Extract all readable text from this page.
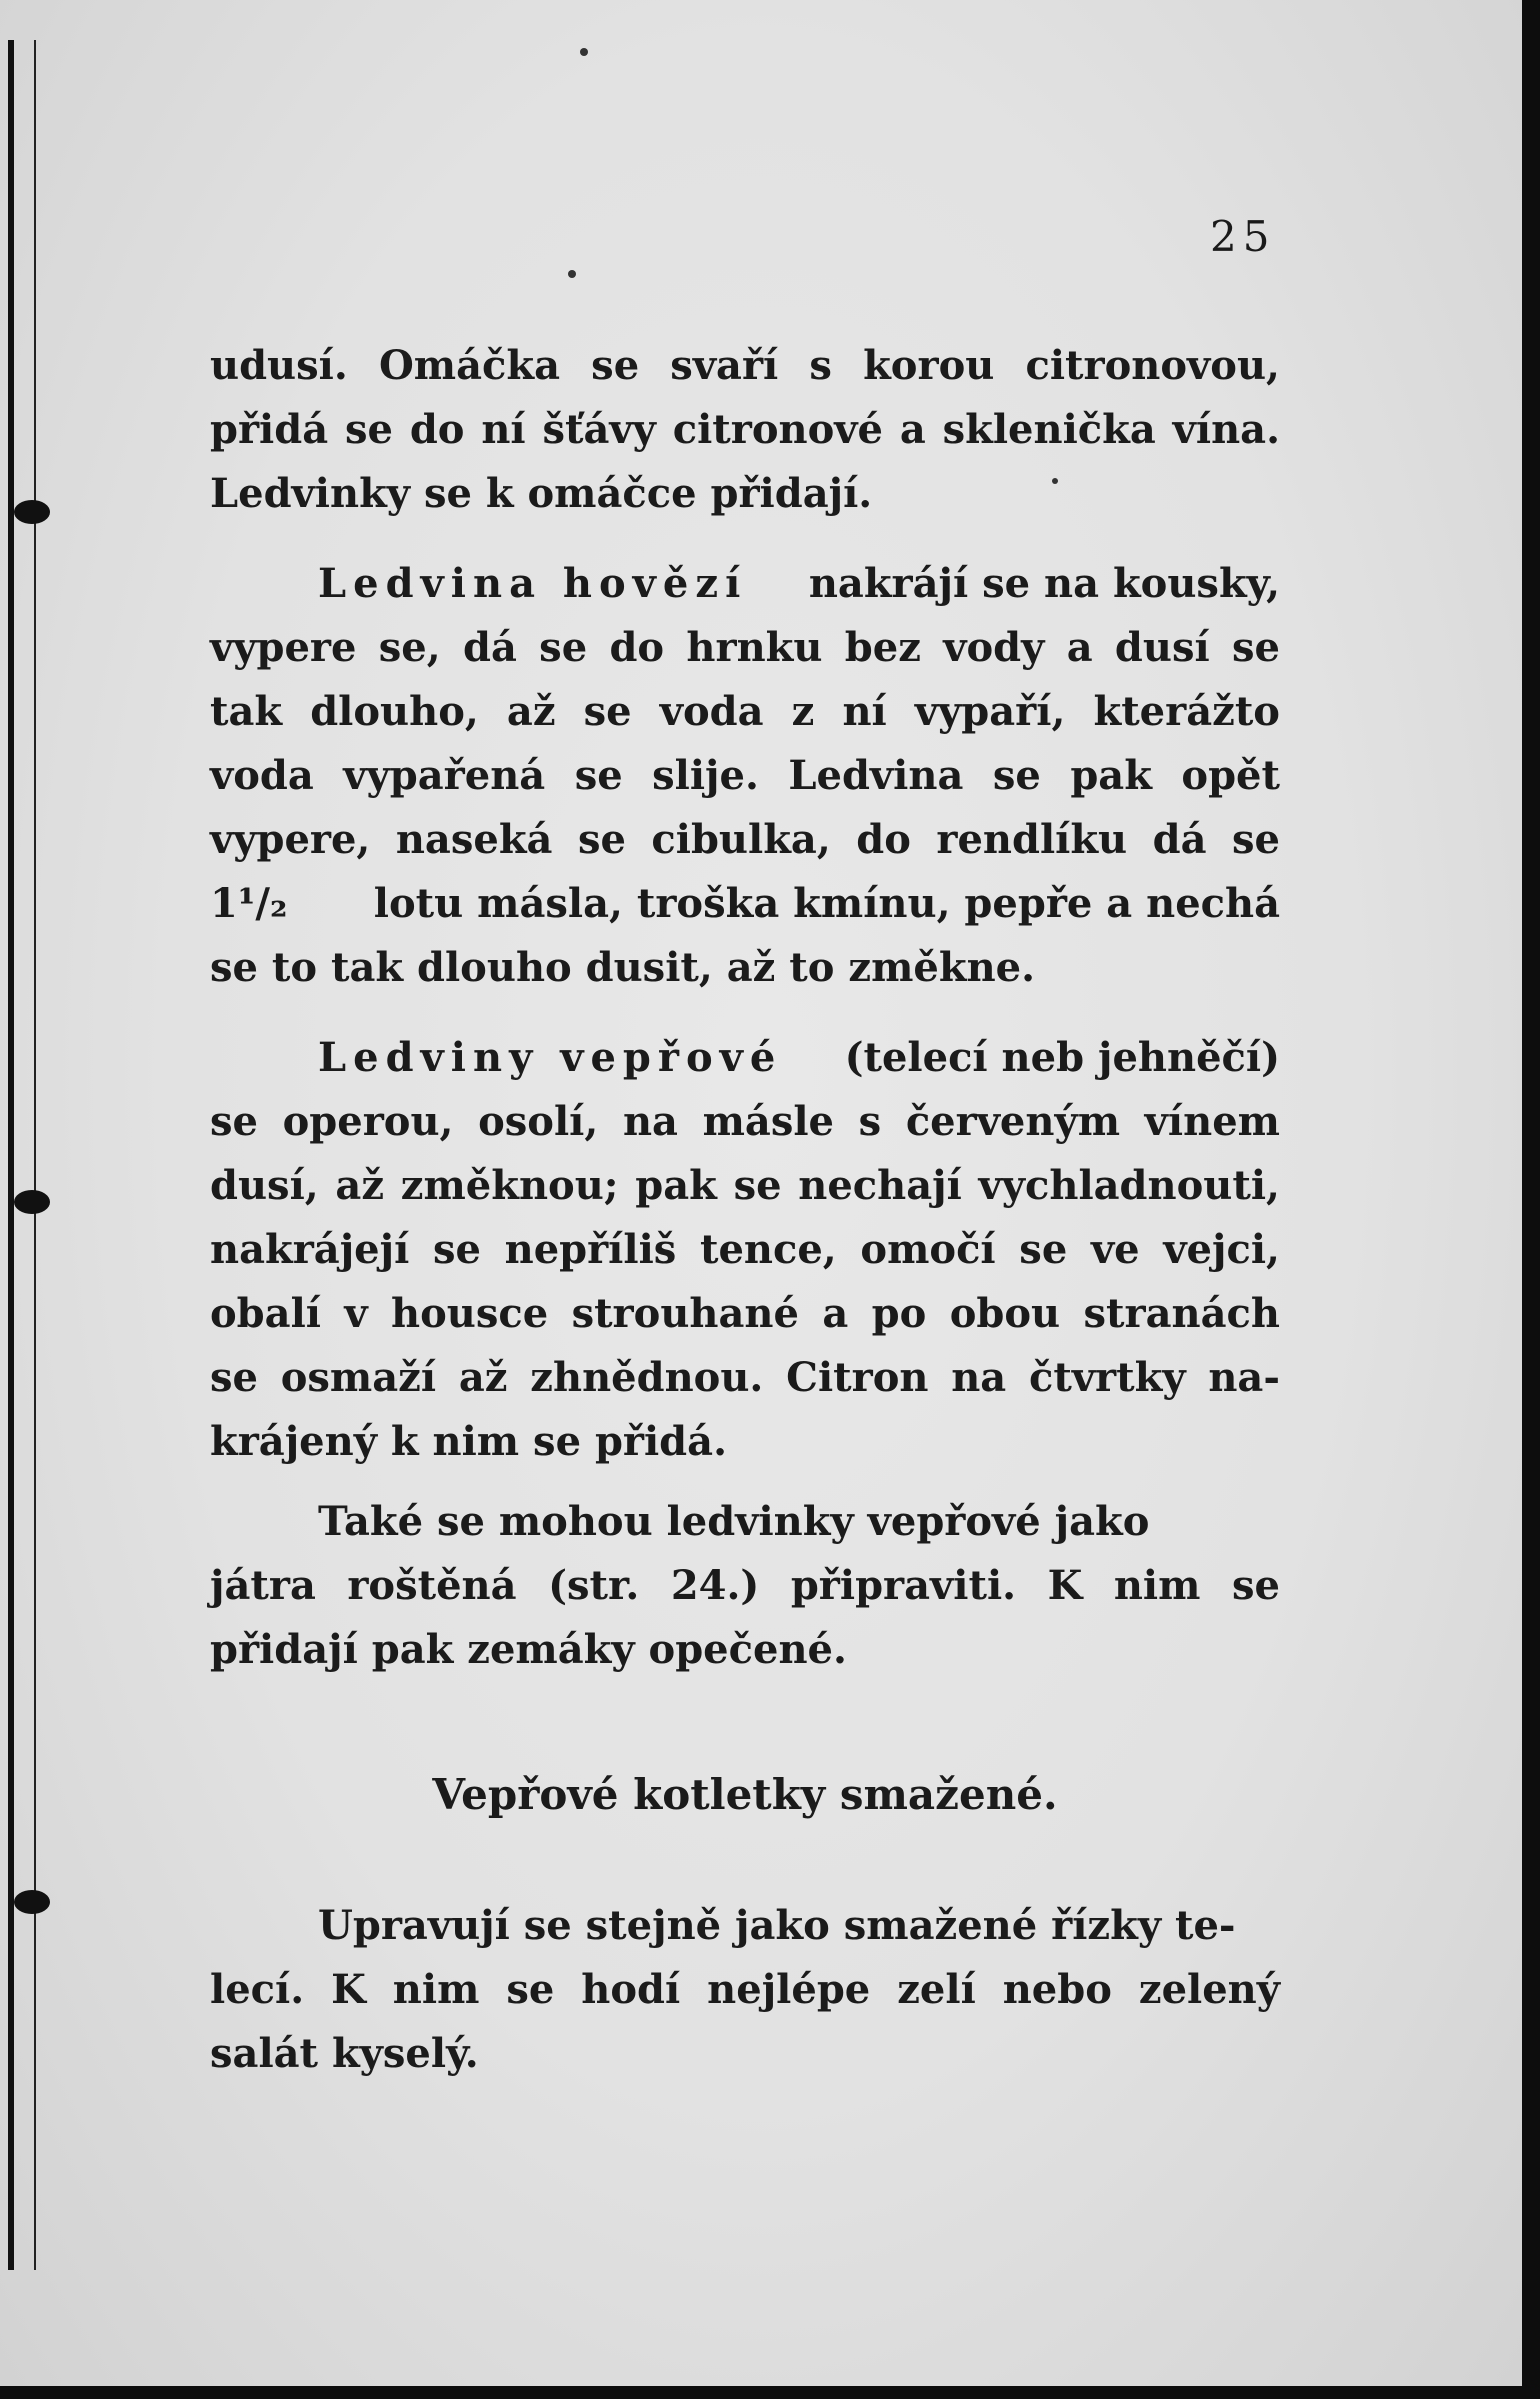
25
udusí. Omáčka se svaří s korou citronovou,
přidá se do ní šťávy citronové a sklenička vína.
Ledvinky se k omáčce přidají.
Ledvina hovězí nakrájí se na kousky,
vypere se, dá se do hrnku bez vody a dusí se
tak dlouho, až se voda z ní vypaří, kterážto
voda vypařená se slije. Ledvina se pak opět
vypere, naseká se cibulka, do rendlíku dá se
1¹/₂ lotu másla, troška kmínu, pepře a nechá
se to tak dlouho dusit, až to změkne.
Ledviny vepřové (telecí neb jehněčí)
se operou, osolí, na másle s červeným vínem
dusí, až změknou; pak se nechají vychladnouti,
nakrájejí se nepříliš tence, omočí se ve vejci,
obalí v housce strouhané a po obou stranách
se osmaží až zhnědnou. Citron na čtvrtky na-
krájený k nim se přidá.
Také se mohou ledvinky vepřové jako
játra roštěná (str. 24.) připraviti. K nim se
přidají pak zemáky opečené.
Vepřové kotletky smažené.
Upravují se stejně jako smažené řízky te-
lecí. K nim se hodí nejlépe zelí nebo zelený
salát kyselý.
